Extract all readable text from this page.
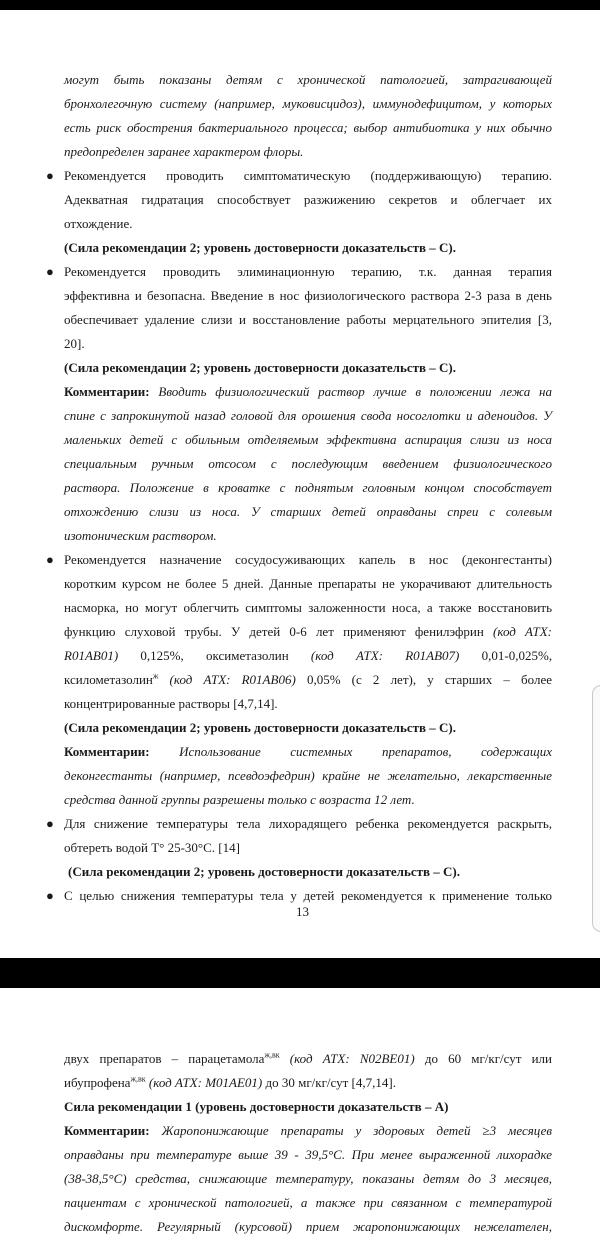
могут быть показаны детям с хронической патологией, затрагивающей
бронхолегочную систему (например, муковисцидоз), иммунодефицитом, у которых
есть риск обострения бактериального процесса; выбор антибиотика у них обычно
предопределен заранее характером флоры.
● Рекомендуется проводить симптоматическую (поддерживающую) терапию.
Адекватная гидратация способствует разжижению секретов и облегчает их
отхождение.
(Сила рекомендации 2; уровень достоверности доказательств – С).
● Рекомендуется проводить элиминационную терапию, т.к. данная терапия
эффективна и безопасна. Введение в нос физиологического раствора 2-3 раза в день
обеспечивает удаление слизи и восстановление работы мерцательного эпителия [3,
20].
(Сила рекомендации 2; уровень достоверности доказательств – С).
Комментарии: Вводить физиологический раствор лучше в положении лежа на
спине с запрокинутой назад головой для орошения свода носоглотки и аденоидов. У
маленьких детей с обильным отделяемым эффективна аспирация слизи из носа
специальным ручным отсосом с последующим введением физиологического
раствора. Положение в кроватке с поднятым головным концом способствует
отхождению слизи из носа. У старших детей оправданы спреи с солевым
изотоническим раствором.
● Рекомендуется назначение сосудосуживающих капель в нос (деконгестанты)
коротким курсом не более 5 дней. Данные препараты не укорачивают длительность
насморка, но могут облегчить симптомы заложенности носа, а также восстановить
функцию слуховой трубы. У детей 0-6 лет применяют фенилэфрин (код АТХ:
R01AB01) 0,125%, оксиметазолин (код АТХ: R01AB07) 0,01-0,025%,
ксилометазолин$^ж$ (код АТХ: R01AB06) 0,05% (с 2 лет), у старших – более
концентрированные растворы [4,7,14].
(Сила рекомендации 2; уровень достоверности доказательств – С).
Комментарии: Использование системных препаратов, содержащих
деконгестанты (например, псевдоэфедрин) крайне не желательно, лекарственные
средства данной группы разрешены только с возраста 12 лет.
● Для снижение температуры тела лихорадящего ребенка рекомендуется раскрыть,
обтереть водой Т° 25-30°С. [14]
(Сила рекомендации 2; уровень достоверности доказательств – С).
● С целью снижения температуры тела у детей рекомендуется к применение только
13
двух препаратов – парацетамола$^{ж,вк}$ (код АТХ: N02BE01) до 60 мг/кг/сут или
ибупрофена$^{ж,вк}$ (код АТХ: М01АЕ01) до 30 мг/кг/сут [4,7,14].
Сила рекомендации 1 (уровень достоверности доказательств – А)
Комментарии: Жаропонижающие препараты у здоровых детей ≥3 месяцев
оправданы при температуре выше 39 - 39,5°С. При менее выраженной лихорадке
(38-38,5°С) средства, снижающие температуру, показаны детям до 3 месяцев,
пациентам с хронической патологией, а также при связанном с температурой
дискомфорте. Регулярный (курсовой) прием жаропонижающих нежелателен,
